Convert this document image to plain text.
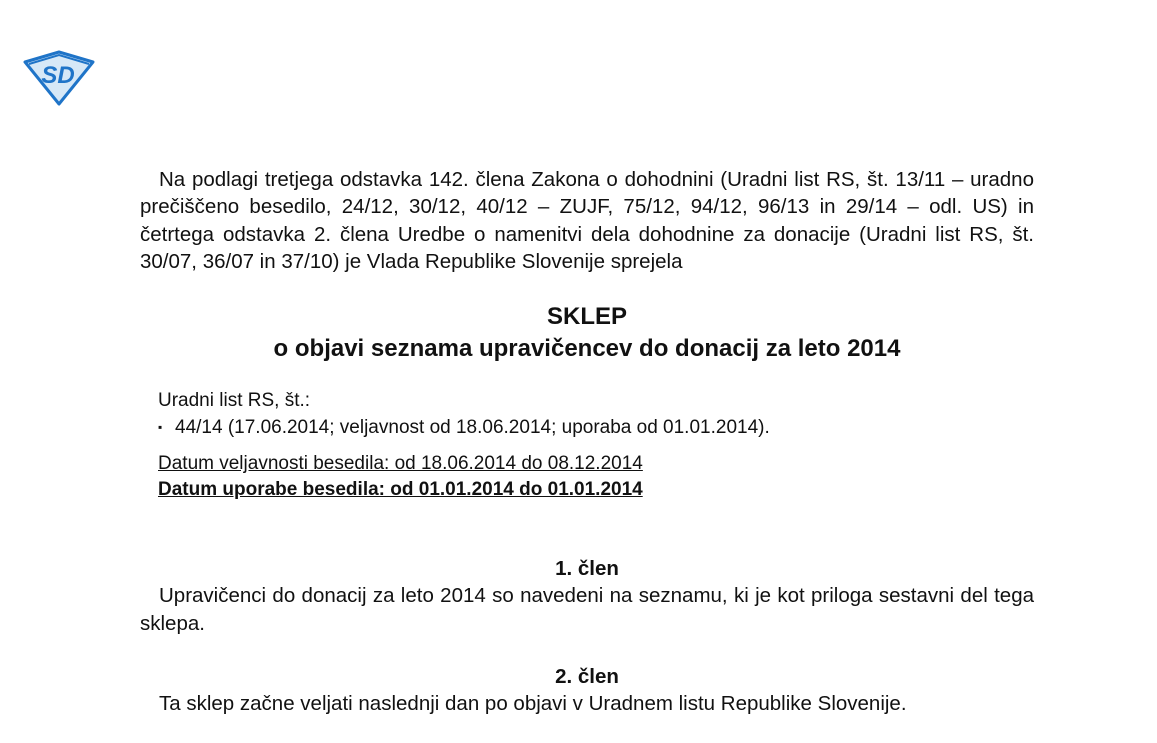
SD

Na podlagi tretjega odstavka 142. člena Zakona o dohodnini (Uradni list RS, št. 13/11 – uradno prečiščeno besedilo, 24/12, 30/12, 40/12 – ZUJF, 75/12, 94/12, 96/13 in 29/14 – odl. US) in četrtega odstavka 2. člena Uredbe o namenitvi dela dohodnine za donacije (Uradni list RS, št. 30/07, 36/07 in 37/10) je Vlada Republike Slovenije sprejela

SKLEP
o objavi seznama upravičencev do donacij za leto 2014
Uradni list RS, št.:
▪ 44/14 (17.06.2014; veljavnost od 18.06.2014; uporaba od 01.01.2014).
Datum veljavnosti besedila: od 18.06.2014 do 08.12.2014
Datum uporabe besedila: od 01.01.2014 do 01.01.2014
1. člen

Upravičenci do donacij za leto 2014 so navedeni na seznamu, ki je kot priloga sestavni del tega sklepa.

2. člen

Ta sklep začne veljati naslednji dan po objavi v Uradnem listu Republike Slovenije.
